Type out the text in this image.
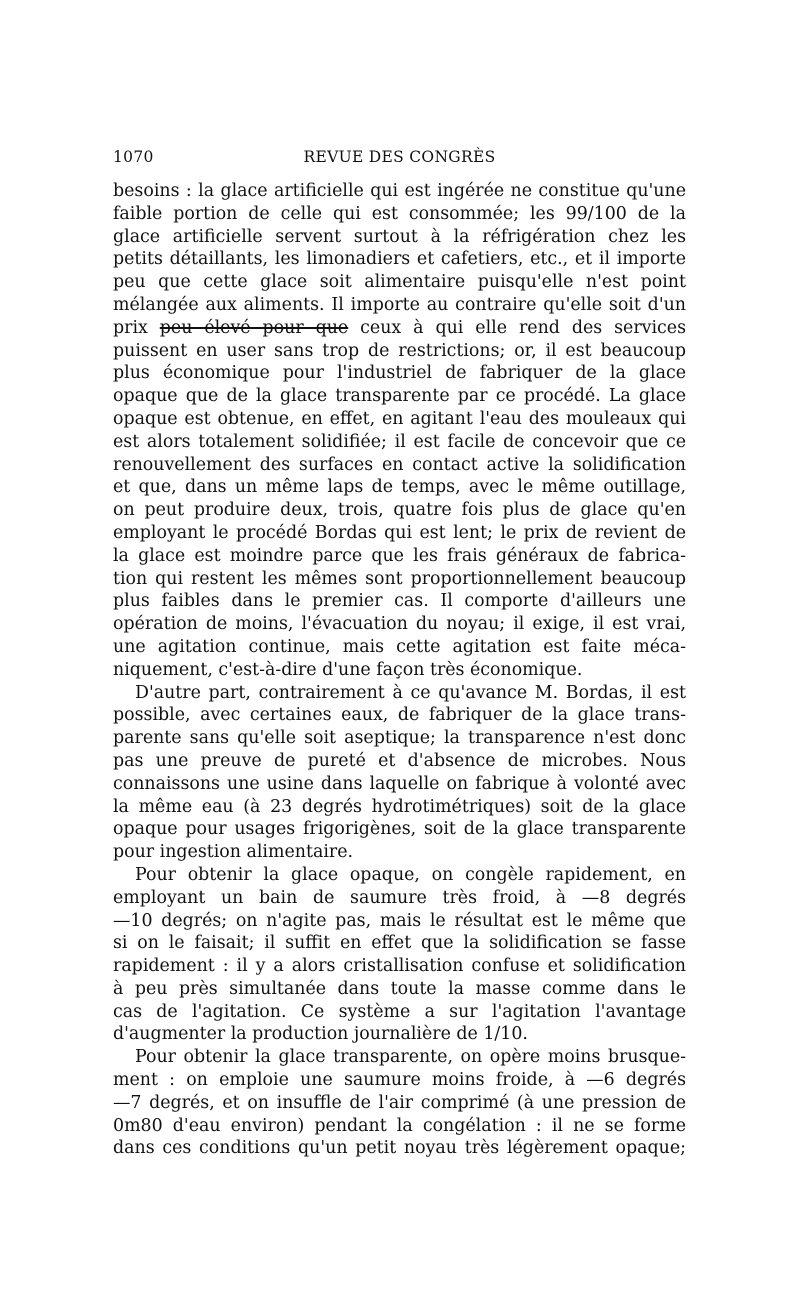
1070	REVUE DES CONGRÈS
besoins : la glace artificielle qui est ingérée ne constitue qu'une
faible portion de celle qui est consommée; les 99/100 de la
glace artificielle servent surtout à la réfrigération chez les
petits détaillants, les limonadiers et cafetiers, etc., et il importe
peu que cette glace soit alimentaire puisqu'elle n'est point
mélangée aux aliments. Il importe au contraire qu'elle soit d'un
prix peu élevé pour que ceux à qui elle rend des services
puissent en user sans trop de restrictions; or, il est beaucoup
plus économique pour l'industriel de fabriquer de la glace
opaque que de la glace transparente par ce procédé. La glace
opaque est obtenue, en effet, en agitant l'eau des mouleaux qui
est alors totalement solidifiée; il est facile de concevoir que ce
renouvellement des surfaces en contact active la solidification
et que, dans un même laps de temps, avec le même outillage,
on peut produire deux, trois, quatre fois plus de glace qu'en
employant le procédé Bordas qui est lent; le prix de revient de
la glace est moindre parce que les frais généraux de fabrica-
tion qui restent les mêmes sont proportionnellement beaucoup
plus faibles dans le premier cas. Il comporte d'ailleurs une
opération de moins, l'évacuation du noyau; il exige, il est vrai,
une agitation continue, mais cette agitation est faite méca-
niquement, c'est-à-dire d'une façon très économique.
D'autre part, contrairement à ce qu'avance M. Bordas, il est
possible, avec certaines eaux, de fabriquer de la glace trans-
parente sans qu'elle soit aseptique; la transparence n'est donc
pas une preuve de pureté et d'absence de microbes. Nous
connaissons une usine dans laquelle on fabrique à volonté avec
la même eau (à 23 degrés hydrotimétriques) soit de la glace
opaque pour usages frigorigènes, soit de la glace transparente
pour ingestion alimentaire.
Pour obtenir la glace opaque, on congèle rapidement, en
employant un bain de saumure très froid, à —8 degrés
—10 degrés; on n'agite pas, mais le résultat est le même que
si on le faisait; il suffit en effet que la solidification se fasse
rapidement : il y a alors cristallisation confuse et solidification
à peu près simultanée dans toute la masse comme dans le
cas de l'agitation. Ce système a sur l'agitation l'avantage
d'augmenter la production journalière de 1/10.
Pour obtenir la glace transparente, on opère moins brusque-
ment : on emploie une saumure moins froide, à —6 degrés
—7 degrés, et on insuffle de l'air comprimé (à une pression de
0m80 d'eau environ) pendant la congélation : il ne se forme
dans ces conditions qu'un petit noyau très légèrement opaque;
